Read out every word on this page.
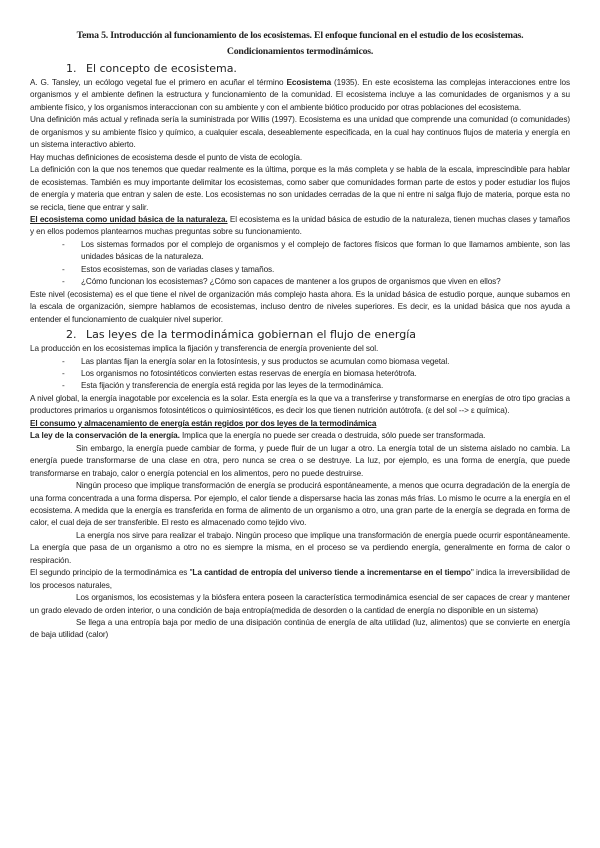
Tema 5. Introducción al funcionamiento de los ecosistemas. El enfoque funcional en el estudio de los ecosistemas.
Condicionamientos termodinámicos.
1. El concepto de ecosistema.

A. G. Tansley, un ecólogo vegetal fue el primero en acuñar el término Ecosistema (1935). En este ecosistema las complejas interacciones entre los organismos y el ambiente definen la estructura y funcionamiento de la comunidad. El ecosistema incluye a las comunidades de organismos y a su ambiente físico, y los organismos interaccionan con su ambiente y con el ambiente biótico producido por otras poblaciones del ecosistema.

Una definición más actual y refinada sería la suministrada por Willis (1997). Ecosistema es una unidad que comprende una comunidad (o comunidades) de organismos y su ambiente físico y químico, a cualquier escala, deseablemente especificada, en la cual hay continuos flujos de materia y energía en un sistema interactivo abierto.

Hay muchas definiciones de ecosistema desde el punto de vista de ecología.

La definición con la que nos tenemos que quedar realmente es la última, porque es la más completa y se habla de la escala, imprescindible para hablar de ecosistemas. También es muy importante delimitar los ecosistemas, como saber que comunidades forman parte de estos y poder estudiar los flujos de energía y materia que entran y salen de este. Los ecosistemas no son unidades cerradas de la que ni entre ni salga flujo de materia, porque esta no se recicla, tiene que entrar y salir.

El ecosistema como unidad básica de la naturaleza. El ecosistema es la unidad básica de estudio de la naturaleza, tienen muchas clases y tamaños y en ellos podemos plantearnos muchas preguntas sobre su funcionamiento.

- Los sistemas formados por el complejo de organismos y el complejo de factores físicos que forman lo que llamamos ambiente, son las unidades básicas de la naturaleza.
- Estos ecosistemas, son de variadas clases y tamaños.
- ¿Cómo funcionan los ecosistemas? ¿Cómo son capaces de mantener a los grupos de organismos que viven en ellos?

Este nivel (ecosistema) es el que tiene el nivel de organización más complejo hasta ahora. Es la unidad básica de estudio porque, aunque subamos en la escala de organización, siempre hablamos de ecosistemas, incluso dentro de niveles superiores. Es decir, es la unidad básica que nos ayuda a entender el funcionamiento de cualquier nivel superior.

2. Las leyes de la termodinámica gobiernan el flujo de energía

La producción en los ecosistemas implica la fijación y transferencia de energía proveniente del sol.

- Las plantas fijan la energía solar en la fotosíntesis, y sus productos se acumulan como biomasa vegetal.
- Los organismos no fotosintéticos convierten estas reservas de energía en biomasa heterótrofa.
- Esta fijación y transferencia de energía está regida por las leyes de la termodinámica.

A nivel global, la energía inagotable por excelencia es la solar. Esta energía es la que va a transferirse y transformarse en energías de otro tipo gracias a productores primarios u organismos fotosintéticos o quimiosintéticos, es decir los que tienen nutrición autótrofa. (ε del sol --> ε química).

El consumo y almacenamiento de energía están regidos por dos leyes de la termodinámica

La ley de la conservación de la energía. Implica que la energía no puede ser creada o destruida, sólo puede ser transformada.

Sin embargo, la energía puede cambiar de forma, y puede fluir de un lugar a otro. La energía total de un sistema aislado no cambia. La energía puede transformarse de una clase en otra, pero nunca se crea o se destruye. La luz, por ejemplo, es una forma de energía, que puede transformarse en trabajo, calor o energía potencial en los alimentos, pero no puede destruirse.

Ningún proceso que implique transformación de energía se producirá espontáneamente, a menos que ocurra degradación de la energía de una forma concentrada a una forma dispersa. Por ejemplo, el calor tiende a dispersarse hacia las zonas más frías. Lo mismo le ocurre a la energía en el ecosistema. A medida que la energía es transferida en forma de alimento de un organismo a otro, una gran parte de la energía se degrada en forma de calor, el cual deja de ser transferible. El resto es almacenado como tejido vivo.

La energía nos sirve para realizar el trabajo. Ningún proceso que implique una transformación de energía puede ocurrir espontáneamente. La energía que pasa de un organismo a otro no es siempre la misma, en el proceso se va perdiendo energía, generalmente en forma de calor o respiración.

El segundo principio de la termodinámica es "La cantidad de entropía del universo tiende a incrementarse en el tiempo" indica la irreversibilidad de los procesos naturales,

Los organismos, los ecosistemas y la biósfera entera poseen la característica termodinámica esencial de ser capaces de crear y mantener un grado elevado de orden interior, o una condición de baja entropía(medida de desorden o la cantidad de energía no disponible en un sistema)

Se llega a una entropía baja por medio de una disipación continúa de energía de alta utilidad (luz, alimentos) que se convierte en energía de baja utilidad (calor)
